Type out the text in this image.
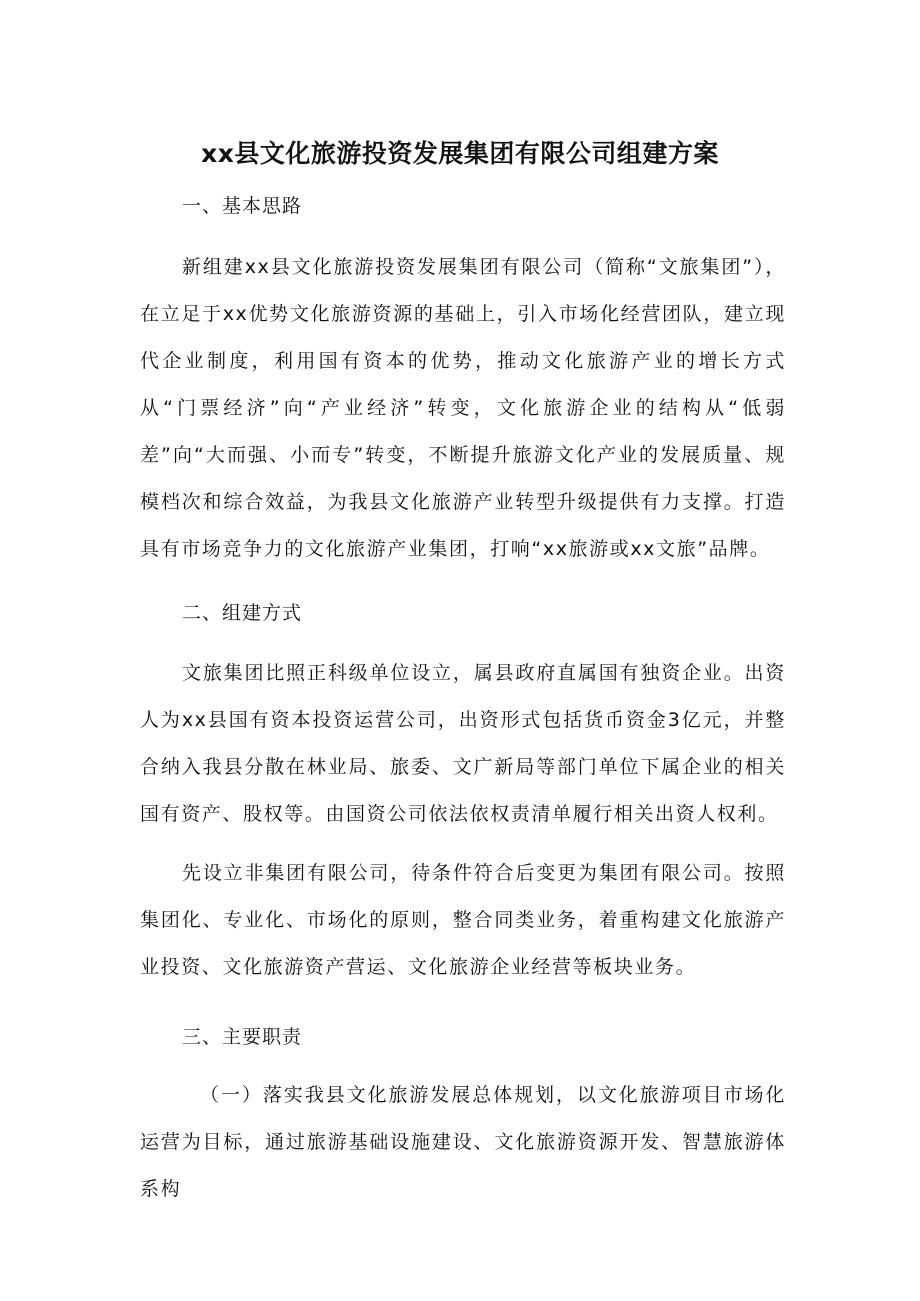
xx县文化旅游投资发展集团有限公司组建方案
一、基本思路

新组建xx县文化旅游投资发展集团有限公司（简称“文旅集团”），在立足于xx优势文化旅游资源的基础上，引入市场化经营团队，建立现代企业制度，利用国有资本的优势，推动文化旅游产业的增长方式从“门票经济”向“产业经济”转变，文化旅游企业的结构从“低弱差”向“大而强、小而专”转变，不断提升旅游文化产业的发展质量、规模档次和综合效益，为我县文化旅游产业转型升级提供有力支撑。打造具有市场竞争力的文化旅游产业集团，打响“xx旅游或xx文旅”品牌。

二、组建方式

文旅集团比照正科级单位设立，属县政府直属国有独资企业。出资人为xx县国有资本投资运营公司，出资形式包括货币资金3亿元，并整合纳入我县分散在林业局、旅委、文广新局等部门单位下属企业的相关国有资产、股权等。由国资公司依法依权责清单履行相关出资人权利。

先设立非集团有限公司，待条件符合后变更为集团有限公司。按照集团化、专业化、市场化的原则，整合同类业务，着重构建文化旅游产业投资、文化旅游资产营运、文化旅游企业经营等板块业务。

三、主要职责

（一）落实我县文化旅游发展总体规划，以文化旅游项目市场化运营为目标，通过旅游基础设施建设、文化旅游资源开发、智慧旅游体系构
